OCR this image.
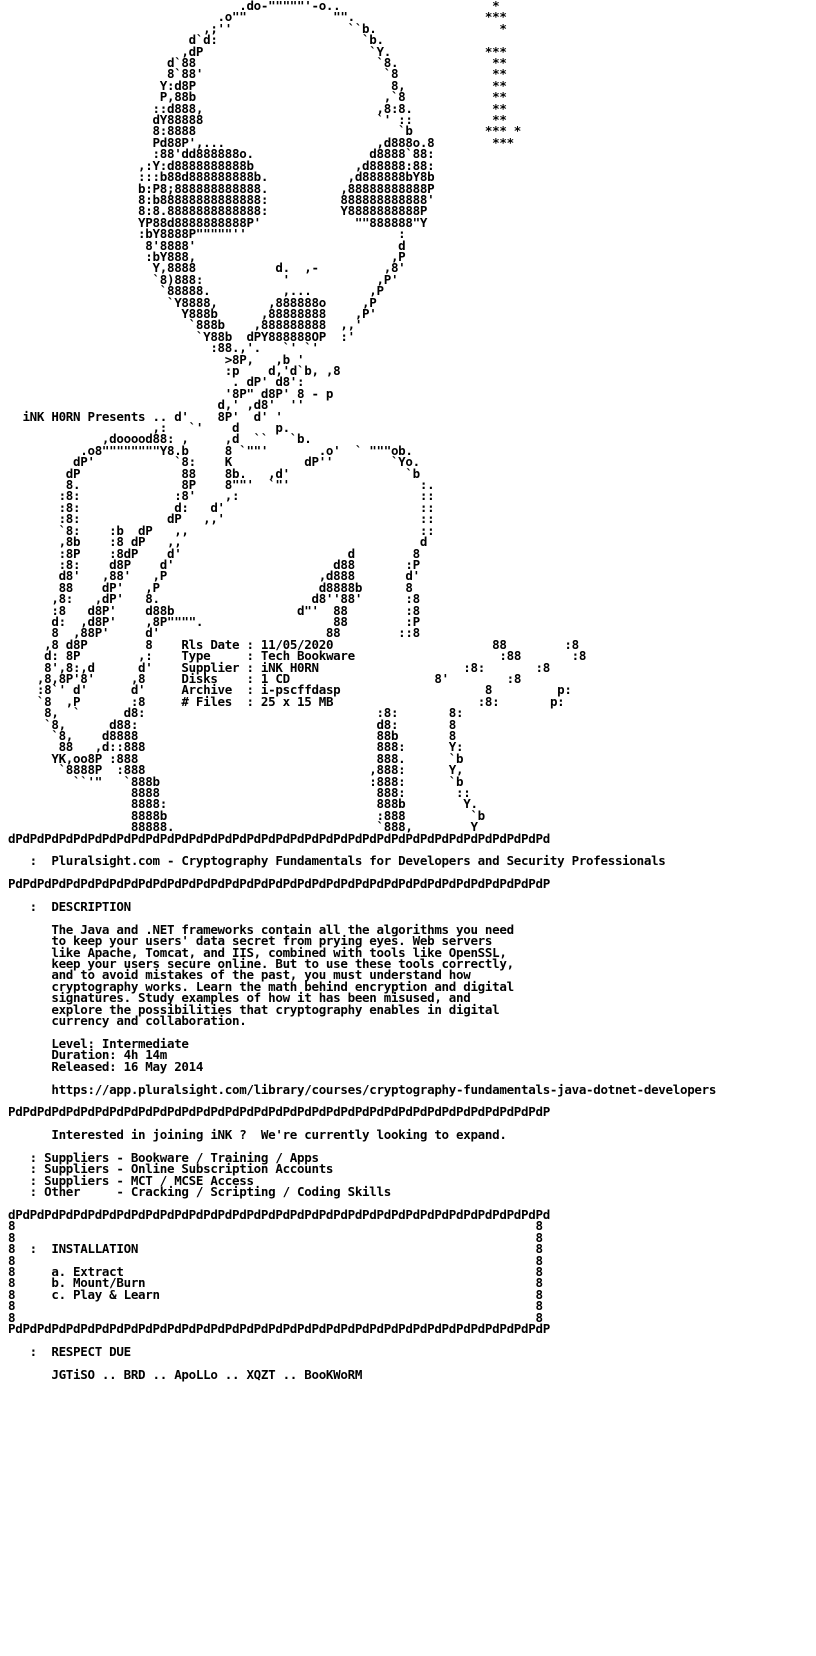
.do-"""""'-o..                     *
.o""            "".                  ***
,;''                ``b.                 *
d`d:                    `b.
,dP                       `Y.             ***
d`88                         `8.             **
8`88'                         `8             **
Y:d8P                           8,            **
P,88b                          ,`8            **
::d888,                        ,8:8.           **
dY88888                        `' ::           **
8:8888                            `b          *** *
Pd88P',...                     ,d888o.8        ***
:88'dd888888o.                d8888`88:
,:Y:d8888888888b              ,d88888:88:
:::b88d888888888b.           ,d888888bY8b
b:P8;888888888888.          ,88888888888P
8:b88888888888888:          888888888888'
8:8.8888888888888:          Y8888888888P
YP88d8888888888P'             ""888888"Y
:bY8888P"""""''                     :
8'8888'                            d
:bY888,                           ,P
Y,8888           d.  ,-         ,8'
`8)888:           '            ,P'
`88888.          ,...        ,P
`Y8888,       ,888888o     ,P
Y888b      ,88888888    ,P'
`888b    ,888888888  ,,'
`Y88b  dPY888888OP  :'
:88.,'.   `' `'
>8P,   ,b '
:p    d,'d`b, ,8
. dP' d8':
'8P" d8P' 8 - p
d,' ,d8'  ''
iNK H0RN Presents .. d'    8P'  d' '
,:   `'    d     p.
,dooood88: ,     ,d  ``   `b.
.o8""""""""Y8.b     8 `""'       .o'  ` """ob.
dP'           `8:    K          dP''        `Yo.
dP              88    8b.   ,d'                `b
8.              8P    8""'  `"'                  :.
:8:             :8'    ,:                         ::
:8:             d:   d'                           ::
:8:            dP   ,,'                           ::
`8:    :b  dP   ,,                                ::
,8b    :8 dP   ,,                                 d
:8P    :8dP    d'                       d        8
:8:    d8P    d'                      d88       :P
d8'   ,88'   ,P                     ,d888       d'
88    dP'   ,P                      d8888b      8
,8:   ,dP'   8.                     d8''88'      :8
:8   d8P'    d88b                 d"'  88        :8
d:  ,d8P'    ,8P"""".                  88        :P
8  ,88P'     d'                       88        ::8
,8 d8P        8    Rls Date : 11/05/2020	88        :8
d: 8P        ,:    Type     : Tech Bookware	:88       :8
8',8:,d      d'    Supplier : iNK H0RN	:8:       :8
,8,8P'8'     ,8	Disks    : 1 CD	8'        :8
:8`' d'      d'	Archive  : i-pscffdasp	8         p:
`8  ,P       :8	# Files  : 25 x 15 MB	:8:       p:
8,  `      d8:                                :8:       8:
`8,      d88:                                 d8:       8
`8,    d8888                                 88b       8
88   ,d::888                                888:      Y:
YK,oo8P :888                                 888.      `b
`8888P  :888                               ,888:      Y,
``'"   `888b                             :888:      `b
8888                              888:       ::
8888:                             888b        Y.
8888b                             :888         `b
88888.                            `888,        Y
dPdPdPdPdPdPdPdPdPdPdPdPdPdPdPdPdPdPdPdPdPdPdPdPdPdPdPdPdPdPdPdPdPdPdPdPdPd
:  Pluralsight.com - Cryptography Fundamentals for Developers and Security Professionals
PdPdPdPdPdPdPdPdPdPdPdPdPdPdPdPdPdPdPdPdPdPdPdPdPdPdPdPdPdPdPdPdPdPdPdPdPdP
:  DESCRIPTION
The Java and .NET frameworks contain all the algorithms you need
to keep your users' data secret from prying eyes. Web servers
like Apache, Tomcat, and IIS, combined with tools like OpenSSL,
keep your users secure online. But to use these tools correctly,
and to avoid mistakes of the past, you must understand how
cryptography works. Learn the math behind encryption and digital
signatures. Study examples of how it has been misused, and
explore the possibilities that cryptography enables in digital
currency and collaboration.
Level: Intermediate
Duration: 4h 14m
Released: 16 May 2014
https://app.pluralsight.com/library/courses/cryptography-fundamentals-java-dotnet-developers
PdPdPdPdPdPdPdPdPdPdPdPdPdPdPdPdPdPdPdPdPdPdPdPdPdPdPdPdPdPdPdPdPdPdPdPdPdP
Interested in joining iNK ?  We're currently looking to expand.
: Suppliers - Bookware / Training / Apps
: Suppliers - Online Subscription Accounts
: Suppliers - MCT / MCSE Access
: Other     - Cracking / Scripting / Coding Skills
dPdPdPdPdPdPdPdPdPdPdPdPdPdPdPdPdPdPdPdPdPdPdPdPdPdPdPdPdPdPdPdPdPdPdPdPdPd
8                                                                        8
8                                                                        8
8  :  INSTALLATION                                                       8
8                                                                        8
8     a. Extract                                                         8
8     b. Mount/Burn                                                      8
8     c. Play & Learn                                                    8
8                                                                        8
8                                                                        8
PdPdPdPdPdPdPdPdPdPdPdPdPdPdPdPdPdPdPdPdPdPdPdPdPdPdPdPdPdPdPdPdPdPdPdPdPdP
:  RESPECT DUE
JGTiSO .. BRD .. ApoLLo .. XQZT .. BooKWoRM
